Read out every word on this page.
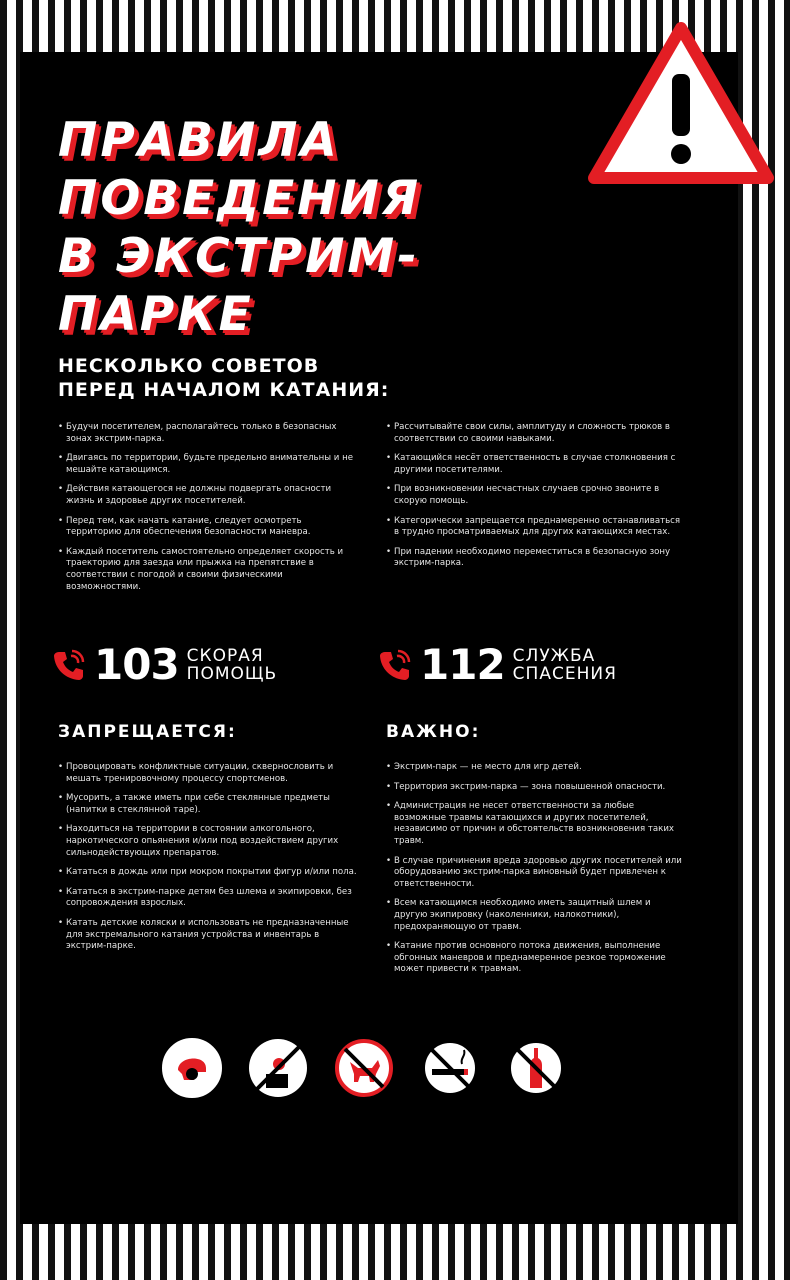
ПРАВИЛА
ПОВЕДЕНИЯ
В ЭКСТРИМ-
ПАРКЕ
НЕСКОЛЬКО СОВЕТОВ
ПЕРЕД НАЧАЛОМ КАТАНИЯ:
• Будучи посетителем, располагайтесь только в безопасных зонах экстрим-парка.
• Двигаясь по территории, будьте предельно внимательны и не мешайте катающимся.
• Действия катающегося не должны подвергать опасности жизнь и здоровье других посетителей.
• Перед тем, как начать катание, следует осмотреть территорию для обеспечения безопасности маневра.
• Каждый посетитель самостоятельно определяет скорость и траекторию для заезда или прыжка на препятствие в соответствии с погодой и своими физическими возможностями.
• Рассчитывайте свои силы, амплитуду и сложность трюков в соответствии со своими навыками.
• Катающийся несёт ответственность в случае столкновения с другими посетителями.
• При возникновении несчастных случаев срочно звоните в скорую помощь.
• Категорически запрещается преднамеренно останавливаться в трудно просматриваемых для других катающихся местах.
• При падении необходимо переместиться в безопасную зону экстрим-парка.
103 СКОРАЯ
ПОМОЩЬ	112 СЛУЖБА
СПАСЕНИЯ
ЗАПРЕЩАЕТСЯ:	ВАЖНО:
• Провоцировать конфликтные ситуации, сквернословить и мешать тренировочному процессу спортсменов.
• Мусорить, а также иметь при себе стеклянные предметы (напитки в стеклянной таре).
• Находиться на территории в состоянии алкогольного, наркотического опьянения и/или под воздействием других сильнодействующих препаратов.
• Кататься в дождь или при мокром покрытии фигур и/или пола.
• Кататься в экстрим-парке детям без шлема и экипировки, без сопровождения взрослых.
• Катать детские коляски и использовать не предназначенные для экстремального катания устройства и инвентарь в экстрим-парке.
• Экстрим-парк — не место для игр детей.
• Территория экстрим-парка — зона повышенной опасности.
• Администрация не несет ответственности за любые возможные травмы катающихся и других посетителей, независимо от причин и обстоятельств возникновения таких травм.
• В случае причинения вреда здоровью других посетителей или оборудованию экстрим-парка виновный будет привлечен к ответственности.
• Всем катающимся необходимо иметь защитный шлем и другую экипировку (наколенники, налокотники), предохраняющую от травм.
• Катание против основного потока движения, выполнение обгонных маневров и преднамеренное резкое торможение может привести к травмам.
